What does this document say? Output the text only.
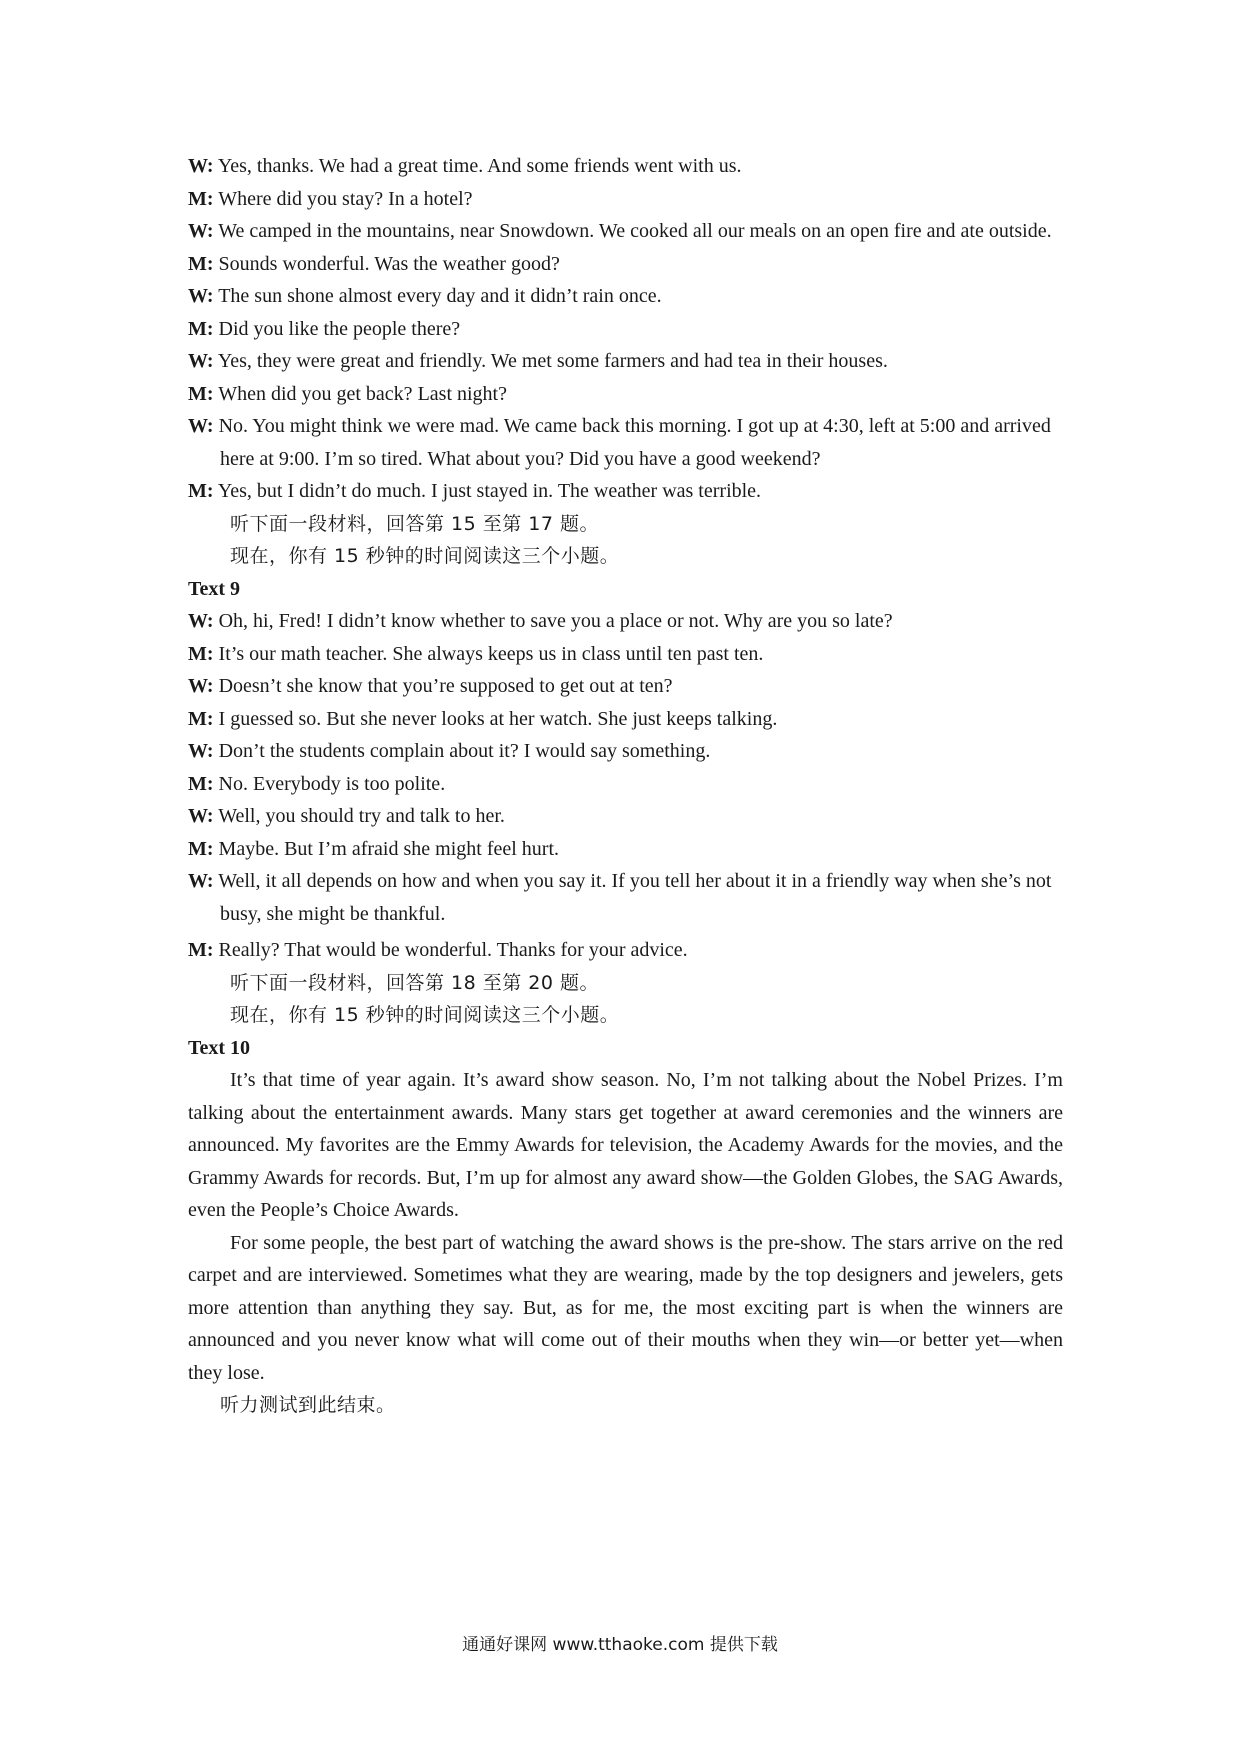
W: Yes, thanks. We had a great time. And some friends went with us.
M: Where did you stay? In a hotel?
W: We camped in the mountains, near Snowdown. We cooked all our meals on an open fire and ate outside.
M: Sounds wonderful. Was the weather good?
W: The sun shone almost every day and it didn’t rain once.
M: Did you like the people there?
W: Yes, they were great and friendly. We met some farmers and had tea in their houses.
M: When did you get back? Last night?
W: No. You might think we were mad. We came back this morning. I got up at 4:30, left at 5:00 and arrived here at 9:00. I’m so tired. What about you? Did you have a good weekend?
M: Yes, but I didn’t do much. I just stayed in. The weather was terrible.
听下面一段材料，回答第 15 至第 17 题。
现在，你有 15 秒钟的时间阅读这三个小题。
Text 9
W: Oh, hi, Fred! I didn’t know whether to save you a place or not. Why are you so late?
M: It’s our math teacher. She always keeps us in class until ten past ten.
W: Doesn’t she know that you’re supposed to get out at ten?
M: I guessed so. But she never looks at her watch. She just keeps talking.
W: Don’t the students complain about it? I would say something.
M: No. Everybody is too polite.
W: Well, you should try and talk to her.
M: Maybe. But I’m afraid she might feel hurt.
W: Well, it all depends on how and when you say it. If you tell her about it in a friendly way when she’s not busy, she might be thankful.
M: Really? That would be wonderful. Thanks for your advice.
听下面一段材料，回答第 18 至第 20 题。
现在，你有 15 秒钟的时间阅读这三个小题。
Text 10
It’s that time of year again. It’s award show season. No, I’m not talking about the Nobel Prizes. I’m talking about the entertainment awards. Many stars get together at award ceremonies and the winners are announced. My favorites are the Emmy Awards for television, the Academy Awards for the movies, and the Grammy Awards for records. But, I’m up for almost any award show—the Golden Globes, the SAG Awards, even the People’s Choice Awards.
For some people, the best part of watching the award shows is the pre-show. The stars arrive on the red carpet and are interviewed. Sometimes what they are wearing, made by the top designers and jewelers, gets more attention than anything they say. But, as for me, the most exciting part is when the winners are announced and you never know what will come out of their mouths when they win—or better yet—when they lose.
听力测试到此结束。
通通好课网 www.tthaoke.com 提供下载
